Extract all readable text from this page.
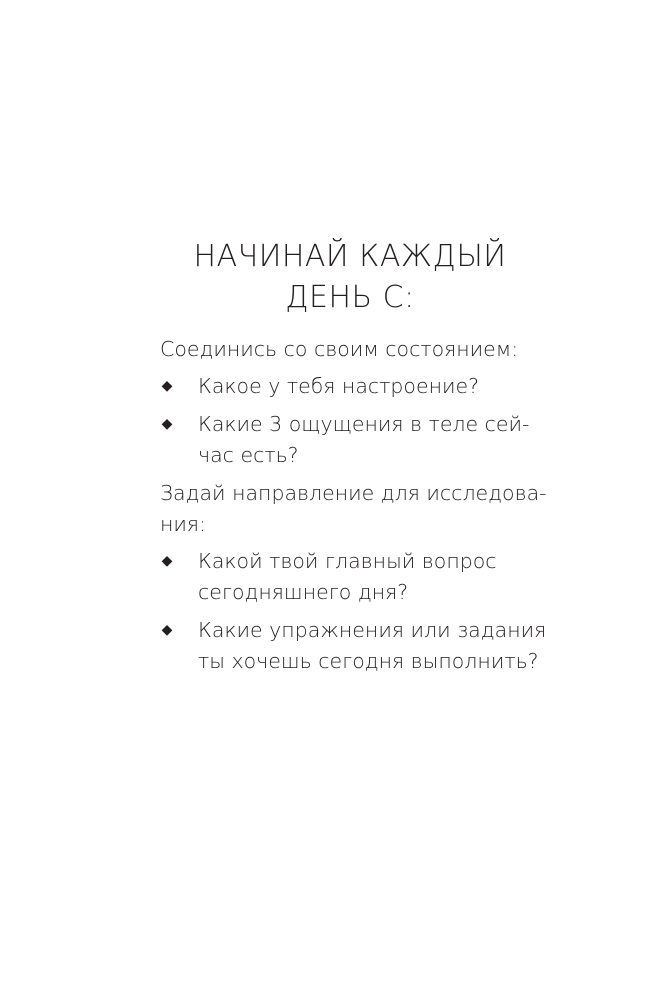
НАЧИНАЙ КАЖДЫЙ
ДЕНЬ С:

Соединись со своим состоянием:

◆ Какое у тебя настроение?
◆ Какие 3 ощущения в теле сей-
час есть?

Задай направление для исследова-
ния:

◆ Какой твой главный вопрос
сегодняшнего дня?
◆ Какие упражнения или задания
ты хочешь сегодня выполнить?
